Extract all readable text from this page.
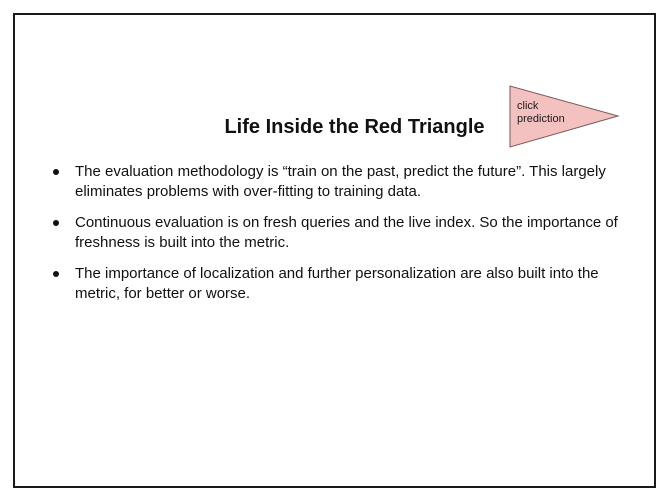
Life Inside the Red Triangle
click
prediction
The evaluation methodology is “train on the past, predict the future”. This largely eliminates problems with over-fitting to training data.
Continuous evaluation is on fresh queries and the live index. So the importance of freshness is built into the metric.
The importance of localization and further personalization are also built into the metric, for better or worse.
